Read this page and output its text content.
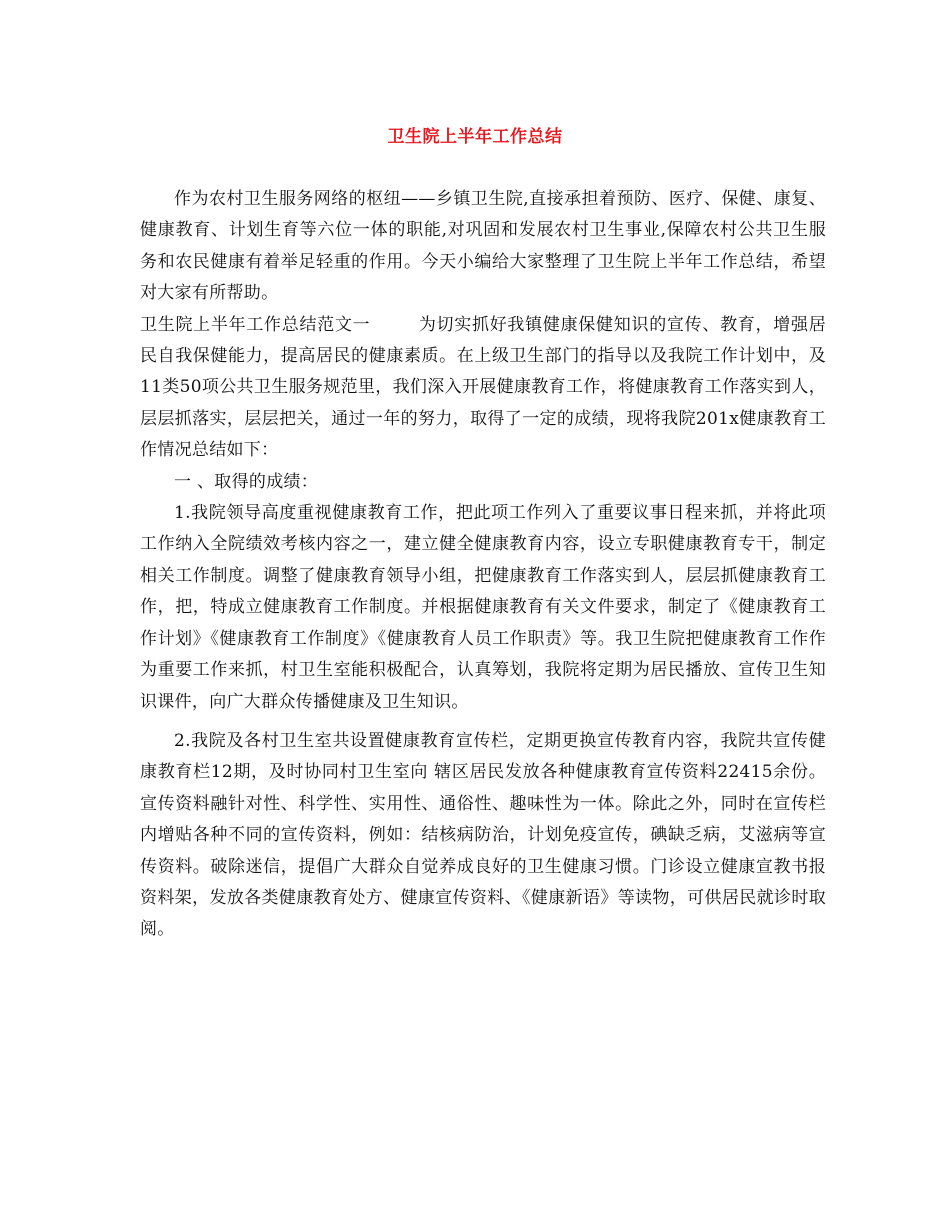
卫生院上半年工作总结

作为农村卫生服务网络的枢纽——乡镇卫生院,直接承担着预防、医疗、保健、康复、健康教育、计划生育等六位一体的职能,对巩固和发展农村卫生事业,保障农村公共卫生服务和农民健康有着举足轻重的作用。今天小编给大家整理了卫生院上半年工作总结，希望对大家有所帮助。

卫生院上半年工作总结范文一	为切实抓好我镇健康保健知识的宣传、教育，增强居民自我保健能力，提高居民的健康素质。在上级卫生部门的指导以及我院工作计划中，及11类50项公共卫生服务规范里，我们深入开展健康教育工作，将健康教育工作落实到人，层层抓落实，层层把关，通过一年的努力，取得了一定的成绩，现将我院201x健康教育工作情况总结如下：

一 、取得的成绩：

1.我院领导高度重视健康教育工作，把此项工作列入了重要议事日程来抓，并将此项工作纳入全院绩效考核内容之一，建立健全健康教育内容，设立专职健康教育专干，制定相关工作制度。调整了健康教育领导小组，把健康教育工作落实到人，层层抓健康教育工作，把，特成立健康教育工作制度。并根据健康教育有关文件要求，制定了《健康教育工作计划》《健康教育工作制度》《健康教育人员工作职责》等。我卫生院把健康教育工作作为重要工作来抓，村卫生室能积极配合，认真筹划，我院将定期为居民播放、宣传卫生知识课件，向广大群众传播健康及卫生知识。

2.我院及各村卫生室共设置健康教育宣传栏，定期更换宣传教育内容，我院共宣传健康教育栏12期，及时协同村卫生室向 辖区居民发放各种健康教育宣传资料22415余份。宣传资料融针对性、科学性、实用性、通俗性、趣味性为一体。除此之外，同时在宣传栏内增贴各种不同的宣传资料，例如：结核病防治，计划免疫宣传，碘缺乏病，艾滋病等宣传资料。破除迷信，提倡广大群众自觉养成良好的卫生健康习惯。门诊设立健康宣教书报资料架，发放各类健康教育处方、健康宣传资料、《健康新语》等读物，可供居民就诊时取阅。
